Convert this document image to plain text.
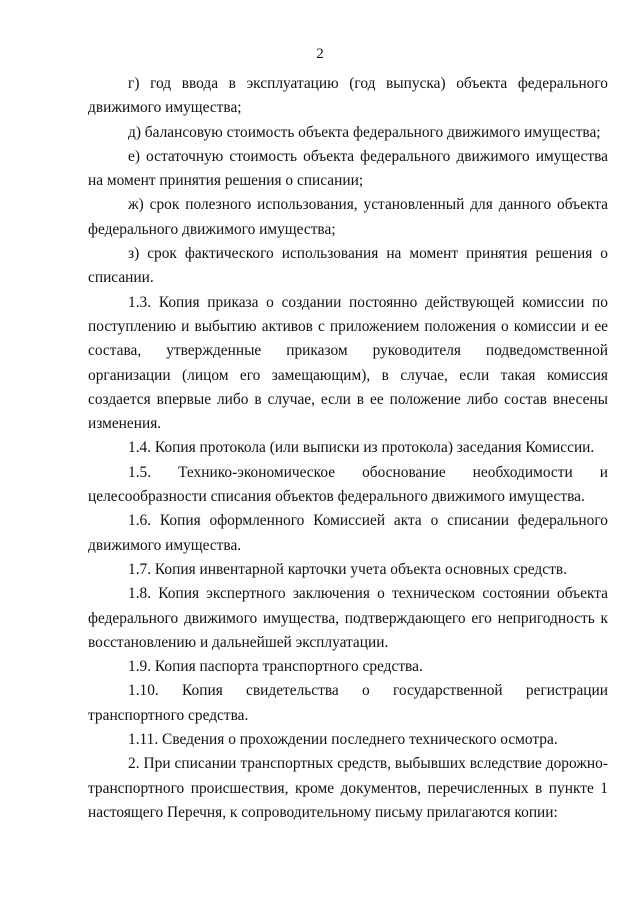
2

г) год ввода в эксплуатацию (год выпуска) объекта федерального движимого имущества;

д) балансовую стоимость объекта федерального движимого имущества;

е) остаточную стоимость объекта федерального движимого имущества на момент принятия решения о списании;

ж) срок полезного использования, установленный для данного объекта федерального движимого имущества;

з) срок фактического использования на момент принятия решения о списании.

1.3. Копия приказа о создании постоянно действующей комиссии по поступлению и выбытию активов с приложением положения о комиссии и ее состава, утвержденные приказом руководителя подведомственной организации (лицом его замещающим), в случае, если такая комиссия создается впервые либо в случае, если в ее положение либо состав внесены изменения.

1.4. Копия протокола (или выписки из протокола) заседания Комиссии.

1.5. Технико-экономическое обоснование необходимости и целесообразности списания объектов федерального движимого имущества.

1.6. Копия оформленного Комиссией акта о списании федерального движимого имущества.

1.7. Копия инвентарной карточки учета объекта основных средств.

1.8. Копия экспертного заключения о техническом состоянии объекта федерального движимого имущества, подтверждающего его непригодность к восстановлению и дальнейшей эксплуатации.

1.9. Копия паспорта транспортного средства.

1.10. Копия свидетельства о государственной регистрации транспортного средства.

1.11. Сведения о прохождении последнего технического осмотра.

2. При списании транспортных средств, выбывших вследствие дорожно-транспортного происшествия, кроме документов, перечисленных в пункте 1 настоящего Перечня, к сопроводительному письму прилагаются копии:
